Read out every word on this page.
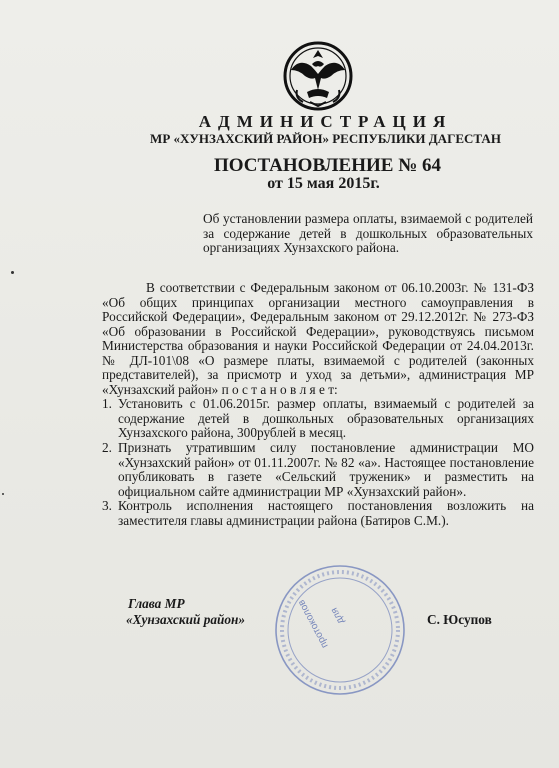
АДМИНИСТРАЦИЯ
МР «ХУНЗАХСКИЙ РАЙОН» РЕСПУБЛИКИ ДАГЕСТАН
ПОСТАНОВЛЕНИЕ № 64
от 15 мая 2015г.
Об установлении размера оплаты, взимаемой с родителей за содержание детей в дошкольных образовательных организациях Хунзахского района.

В соответствии с Федеральным законом от 06.10.2003г. № 131-ФЗ «Об общих принципах организации местного самоуправления в Российской Федерации», Федеральным законом от 29.12.2012г. № 273-ФЗ «Об образовании в Российской Федерации», руководствуясь письмом Министерства образования и науки Российской Федерации от 24.04.2013г. № ДЛ-101\08 «О размере платы, взимаемой с родителей (законных представителей), за присмотр и уход за детьми», администрация МР «Хунзахский район» п о с т а н о в л я е т:

1. Установить с 01.06.2015г. размер оплаты, взимаемый с родителей за содержание детей в дошкольных образовательных организациях Хунзахского района, 300рублей в месяц.
2. Признать утратившим силу постановление администрации МО «Хунзахский район» от 01.11.2007г. № 82 «а». Настоящее постановление опубликовать в газете «Сельский труженик» и разместить на официальном сайте администрации МР «Хунзахский район».
3. Контроль исполнения настоящего постановления возложить на заместителя главы администрации района (Батиров С.М.).
для
протоколов
Глава МР
«Хунзахский район»	С. Юсупов
